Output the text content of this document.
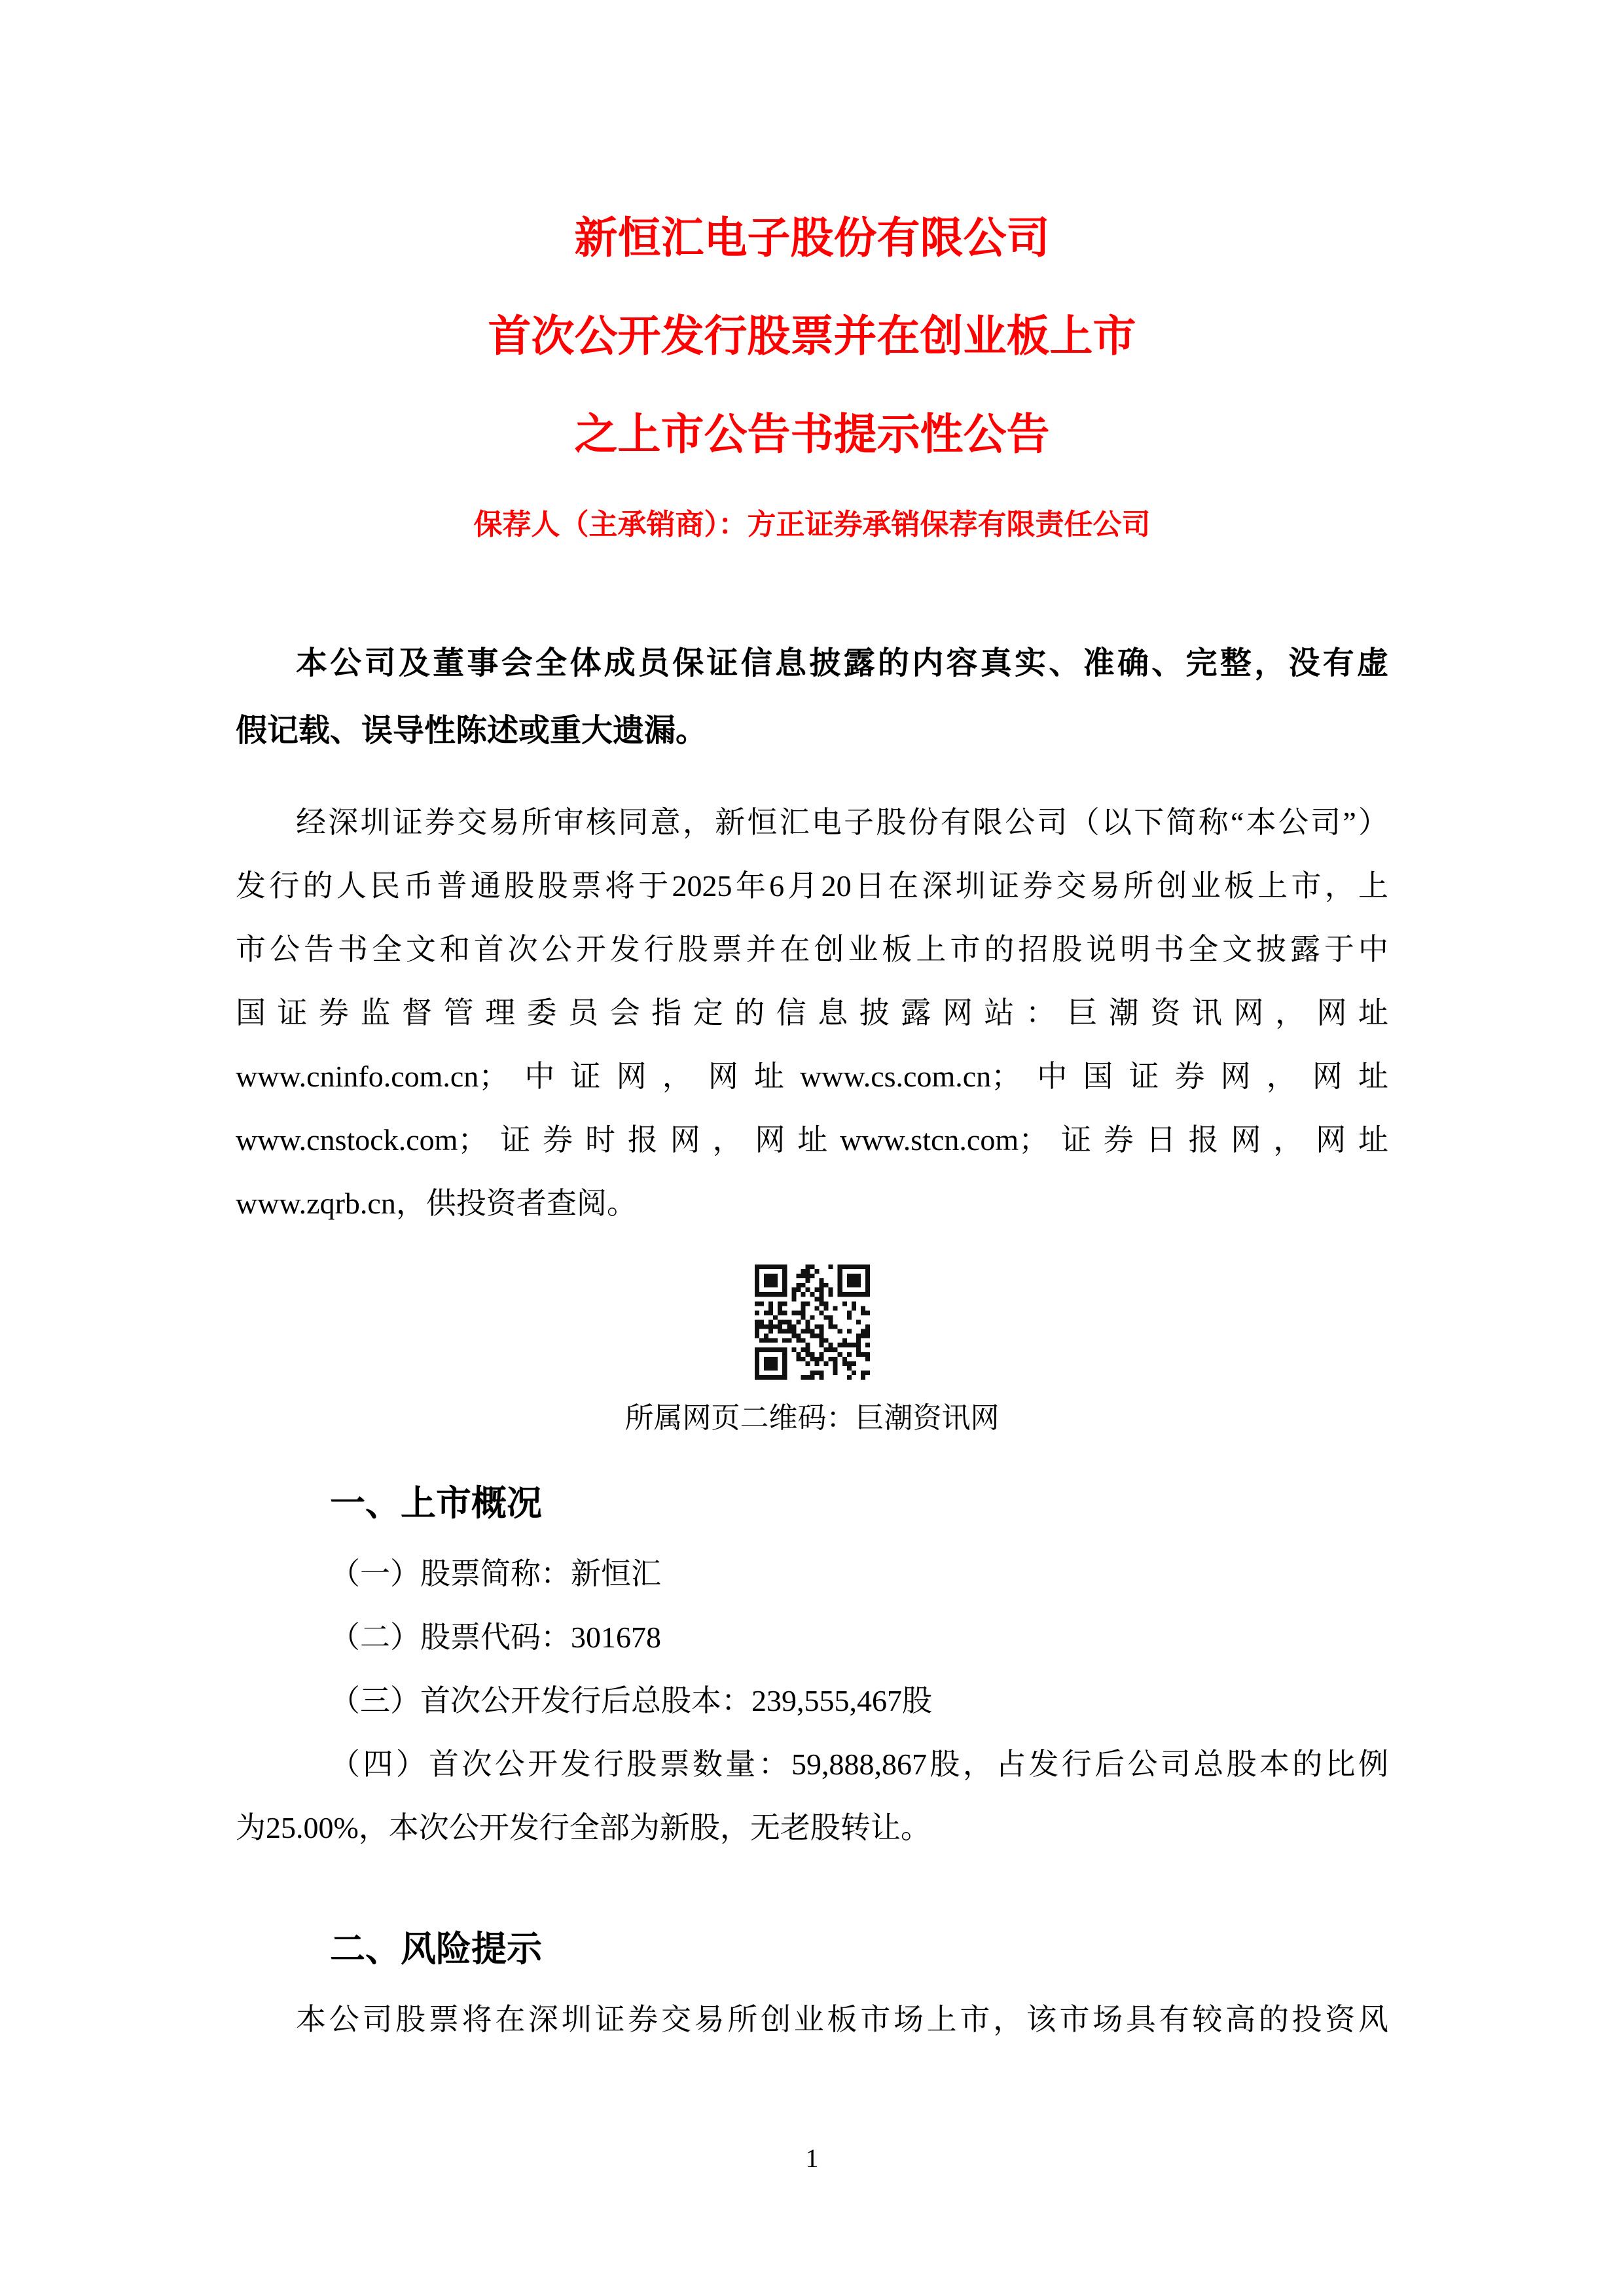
新恒汇电子股份有限公司
首次公开发行股票并在创业板上市
之上市公告书提示性公告
保荐人（主承销商）：方正证券承销保荐有限责任公司
本公司及董事会全体成员保证信息披露的内容真实、准确、完整，没有虚
假记载、误导性陈述或重大遗漏。
经深圳证券交易所审核同意，新恒汇电子股份有限公司（以下简称“本公司”）
发行的人民币普通股股票将于2025年6月20日在深圳证券交易所创业板上市，上
市公告书全文和首次公开发行股票并在创业板上市的招股说明书全文披露于中
国证券监督管理委员会指定的信息披露网站：巨潮资讯网，网址
www.cninfo.com.cn；中证网，网址www.cs.com.cn；中国证券网，网址
www.cnstock.com；证券时报网，网址www.stcn.com；证券日报网，网址
www.zqrb.cn，供投资者查阅。
所属网页二维码：巨潮资讯网
一、上市概况
（一）股票简称：新恒汇
（二）股票代码：301678
（三）首次公开发行后总股本：239,555,467股
（四）首次公开发行股票数量：59,888,867股，占发行后公司总股本的比例
为25.00%，本次公开发行全部为新股，无老股转让。
二、风险提示
本公司股票将在深圳证券交易所创业板市场上市，该市场具有较高的投资风
1
